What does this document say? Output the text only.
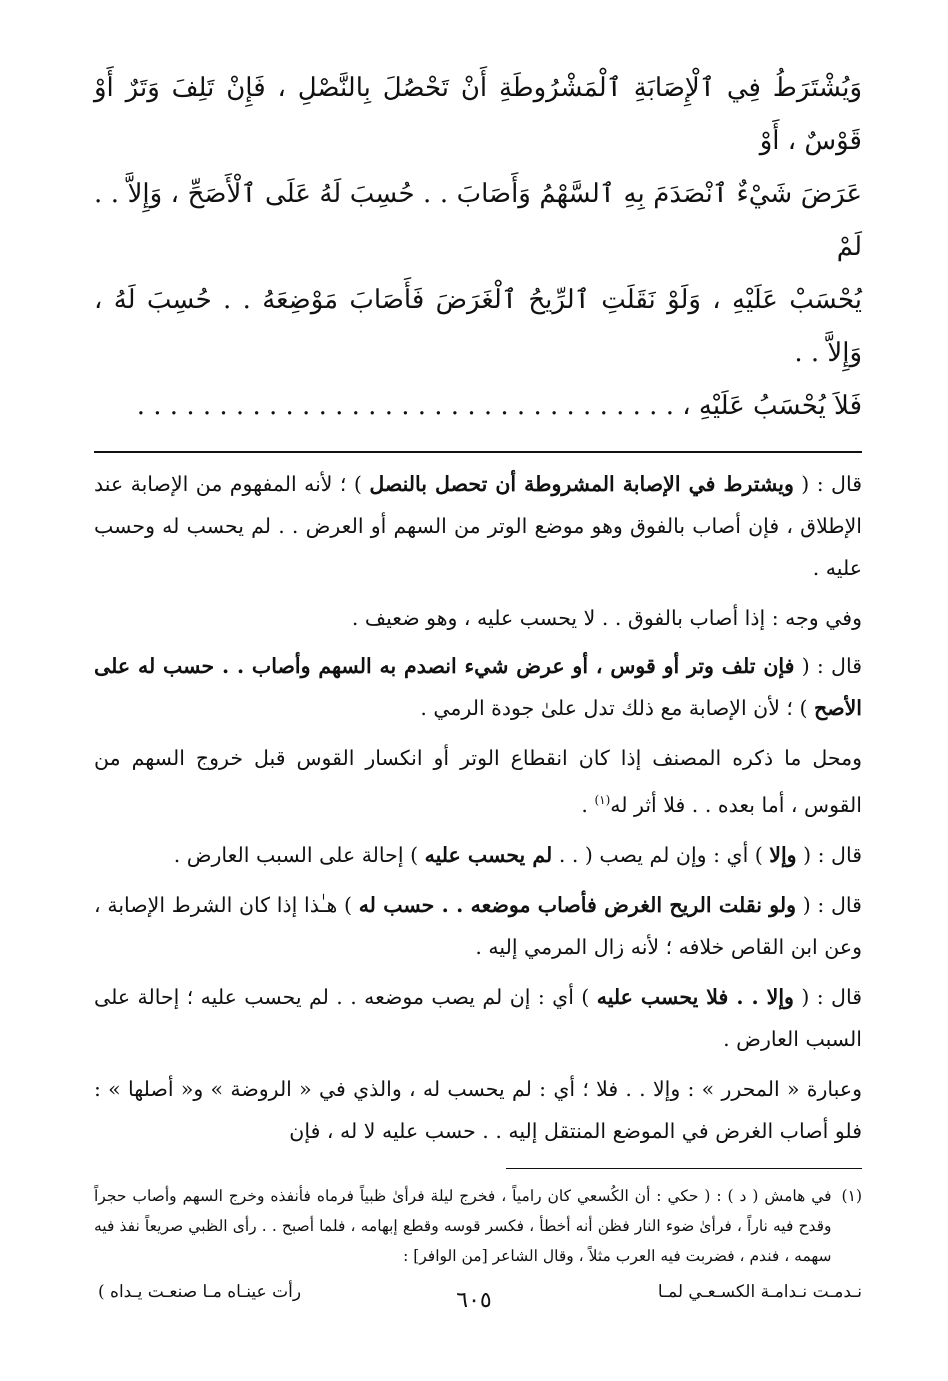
وَيُشْتَرَطُ فِي ٱلْإِصَابَةِ ٱلْمَشْرُوطَةِ أَنْ تَحْصُلَ بِالنَّصْلِ ، فَإِنْ تَلِفَ وَتَرٌ أَوْ قَوْسٌ ، أَوْ

عَرَضَ شَيْءٌ ٱنْصَدَمَ بِهِ ٱلسَّهْمُ وَأَصَابَ . . حُسِبَ لَهُ عَلَى ٱلْأَصَحِّ ، وَإِلاَّ . . لَمْ

يُحْسَبْ عَلَيْهِ ، وَلَوْ نَقَلَتِ ٱلرِّيحُ ٱلْغَرَضَ فَأَصَابَ مَوْضِعَهُ . . حُسِبَ لَهُ ، وَإِلاَّ . .

فَلاَ يُحْسَبُ عَلَيْهِ ، . . . . . . . . . . . . . . . . . . . . . . . . . . . . . . . . .

قال : ( ويشترط في الإصابة المشروطة أن تحصل بالنصل ) ؛ لأنه المفهوم من الإصابة عند الإطلاق ، فإن أصاب بالفوق وهو موضع الوتر من السهم أو العرض . . لم يحسب له وحسب عليه .

وفي وجه : إذا أصاب بالفوق . . لا يحسب عليه ، وهو ضعيف .

قال : ( فإن تلف وتر أو قوس ، أو عرض شيء انصدم به السهم وأصاب . . حسب له على الأصح ) ؛ لأن الإصابة مع ذلك تدل علىٰ جودة الرمي .

ومحل ما ذكره المصنف إذا كان انقطاع الوتر أو انكسار القوس قبل خروج السهم من القوس ، أما بعده . . فلا أثر له$^{(١)}$ .

قال : ( وإلا ) أي : وإن لم يصب ( . . لم يحسب عليه ) إحالة على السبب العارض .

قال : ( ولو نقلت الريح الغرض فأصاب موضعه . . حسب له ) هـٰذا إذا كان الشرط الإصابة ، وعن ابن القاص خلافه ؛ لأنه زال المرمي إليه .

قال : ( وإلا . . فلا يحسب عليه ) أي : إن لم يصب موضعه . . لم يحسب عليه ؛ إحالة على السبب العارض .

وعبارة « المحرر » : وإلا . . فلا ؛ أي : لم يحسب له ، والذي في « الروضة » و« أصلها » : فلو أصاب الغرض في الموضع المنتقل إليه . . حسب عليه لا له ، فإن

(١)
في هامش ( د ) : ( حكي : أن الكُسعي كان رامياً ، فخرج ليلة فرأىٰ ظبياً فرماه فأنفذه وخرج السهم وأصاب حجراً وقدح فيه ناراً ، فرأىٰ ضوء النار فظن أنه أخطأ ، فكسر قوسه وقطع إبهامه ، فلما أصبح . . رأى الظبي صريعاً نفذ فيه سهمه ، فندم ، فضربت فيه العرب مثلاً ، وقال الشاعر [من الوافر] :
نـدمـت نـدامـة الكسـعـي لمـا
رأت عينـاه مـا صنعـت يـداه )	٦٠٥
